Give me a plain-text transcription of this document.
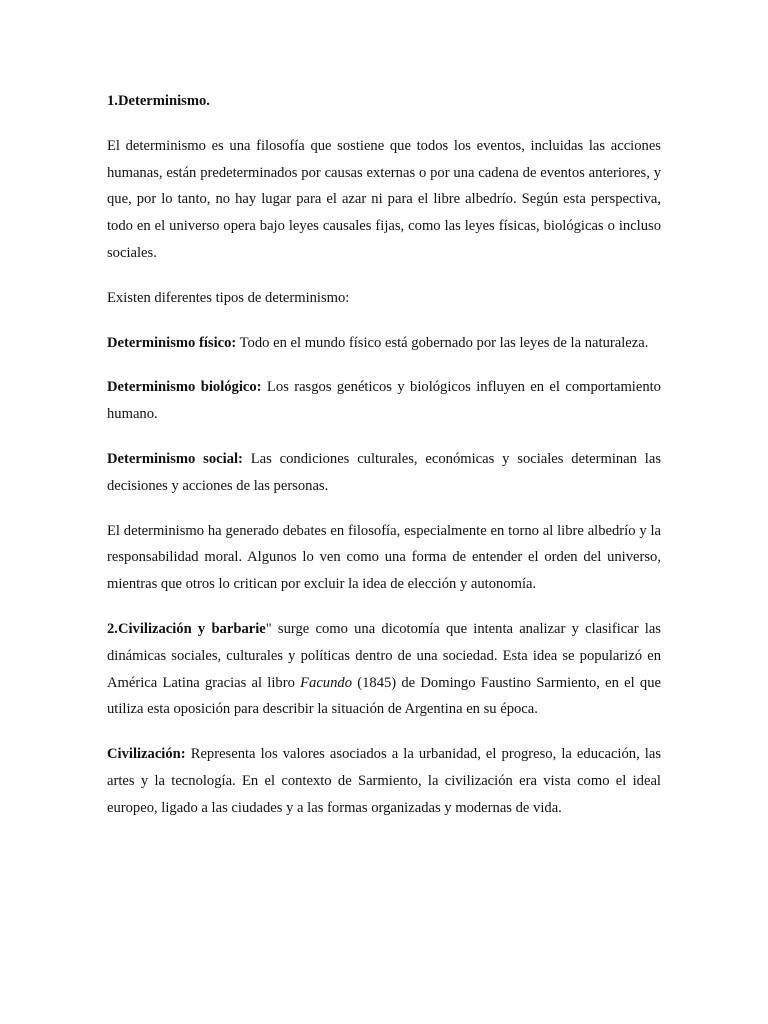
1.Determinismo.

El determinismo es una filosofía que sostiene que todos los eventos, incluidas las acciones humanas, están predeterminados por causas externas o por una cadena de eventos anteriores, y que, por lo tanto, no hay lugar para el azar ni para el libre albedrío. Según esta perspectiva, todo en el universo opera bajo leyes causales fijas, como las leyes físicas, biológicas o incluso sociales.

Existen diferentes tipos de determinismo:

Determinismo físico: Todo en el mundo físico está gobernado por las leyes de la naturaleza.

Determinismo biológico: Los rasgos genéticos y biológicos influyen en el comportamiento humano.

Determinismo social: Las condiciones culturales, económicas y sociales determinan las decisiones y acciones de las personas.

El determinismo ha generado debates en filosofía, especialmente en torno al libre albedrío y la responsabilidad moral. Algunos lo ven como una forma de entender el orden del universo, mientras que otros lo critican por excluir la idea de elección y autonomía.

2.Civilización y barbarie" surge como una dicotomía que intenta analizar y clasificar las dinámicas sociales, culturales y políticas dentro de una sociedad. Esta idea se popularizó en América Latina gracias al libro Facundo (1845) de Domingo Faustino Sarmiento, en el que utiliza esta oposición para describir la situación de Argentina en su época.

Civilización: Representa los valores asociados a la urbanidad, el progreso, la educación, las artes y la tecnología. En el contexto de Sarmiento, la civilización era vista como el ideal europeo, ligado a las ciudades y a las formas organizadas y modernas de vida.
